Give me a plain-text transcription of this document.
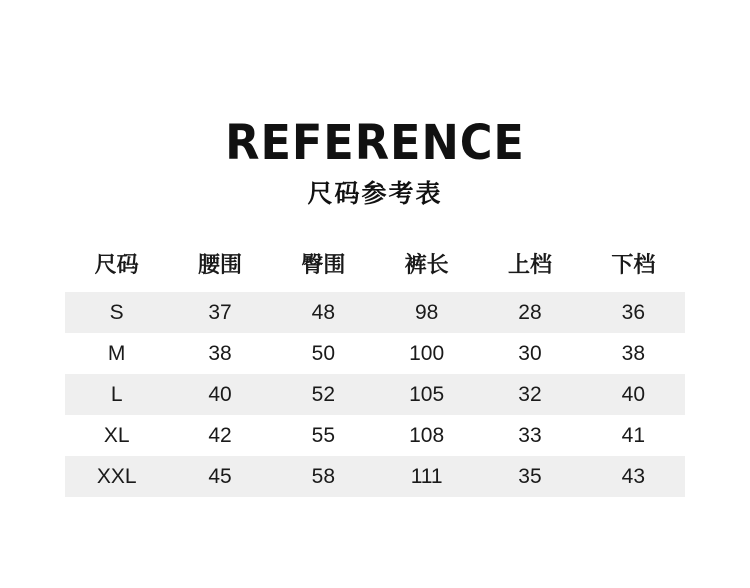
REFERENCE
尺码参考表
尺码	腰围	臀围	裤长	上档	下档
S	37	48	98	28	36
M	38	50	100	30	38
L	40	52	105	32	40
XL	42	55	108	33	41
XXL	45	58	111	35	43
